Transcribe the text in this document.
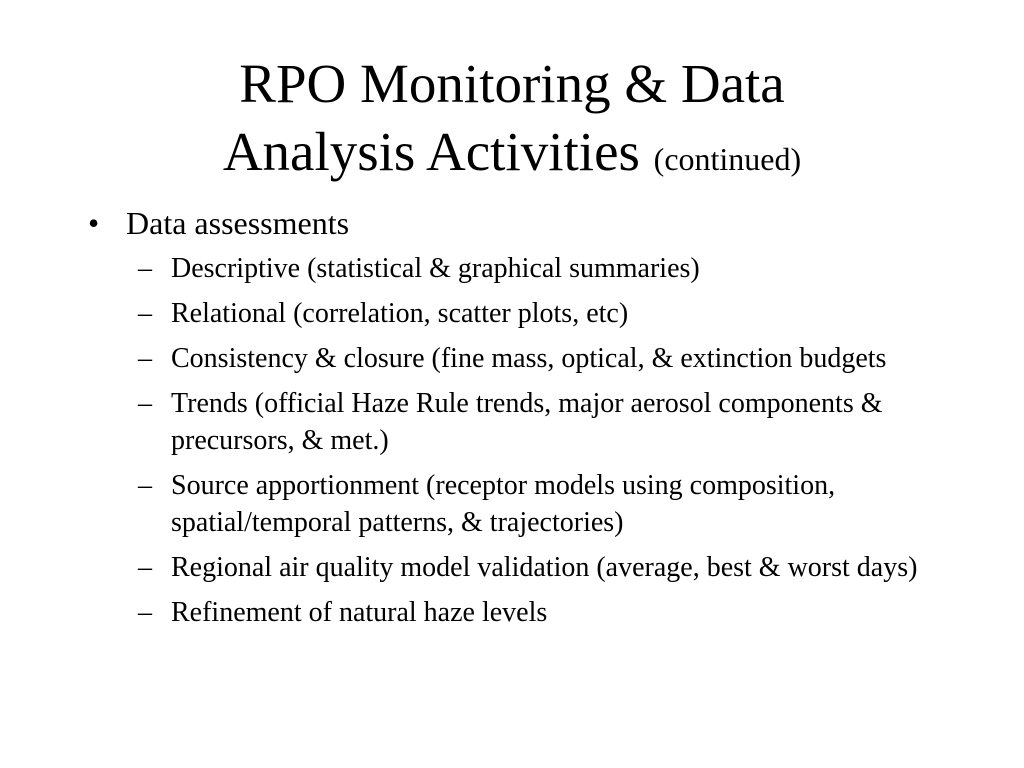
RPO Monitoring & Data
Analysis Activities (continued)
• Data assessments
– Descriptive (statistical & graphical summaries)
– Relational (correlation, scatter plots, etc)
– Consistency & closure (fine mass, optical, & extinction budgets
– Trends (official Haze Rule trends, major aerosol components & precursors, & met.)
– Source apportionment (receptor models using composition, spatial/temporal patterns, & trajectories)
– Regional air quality model validation (average, best & worst days)
– Refinement of natural haze levels
